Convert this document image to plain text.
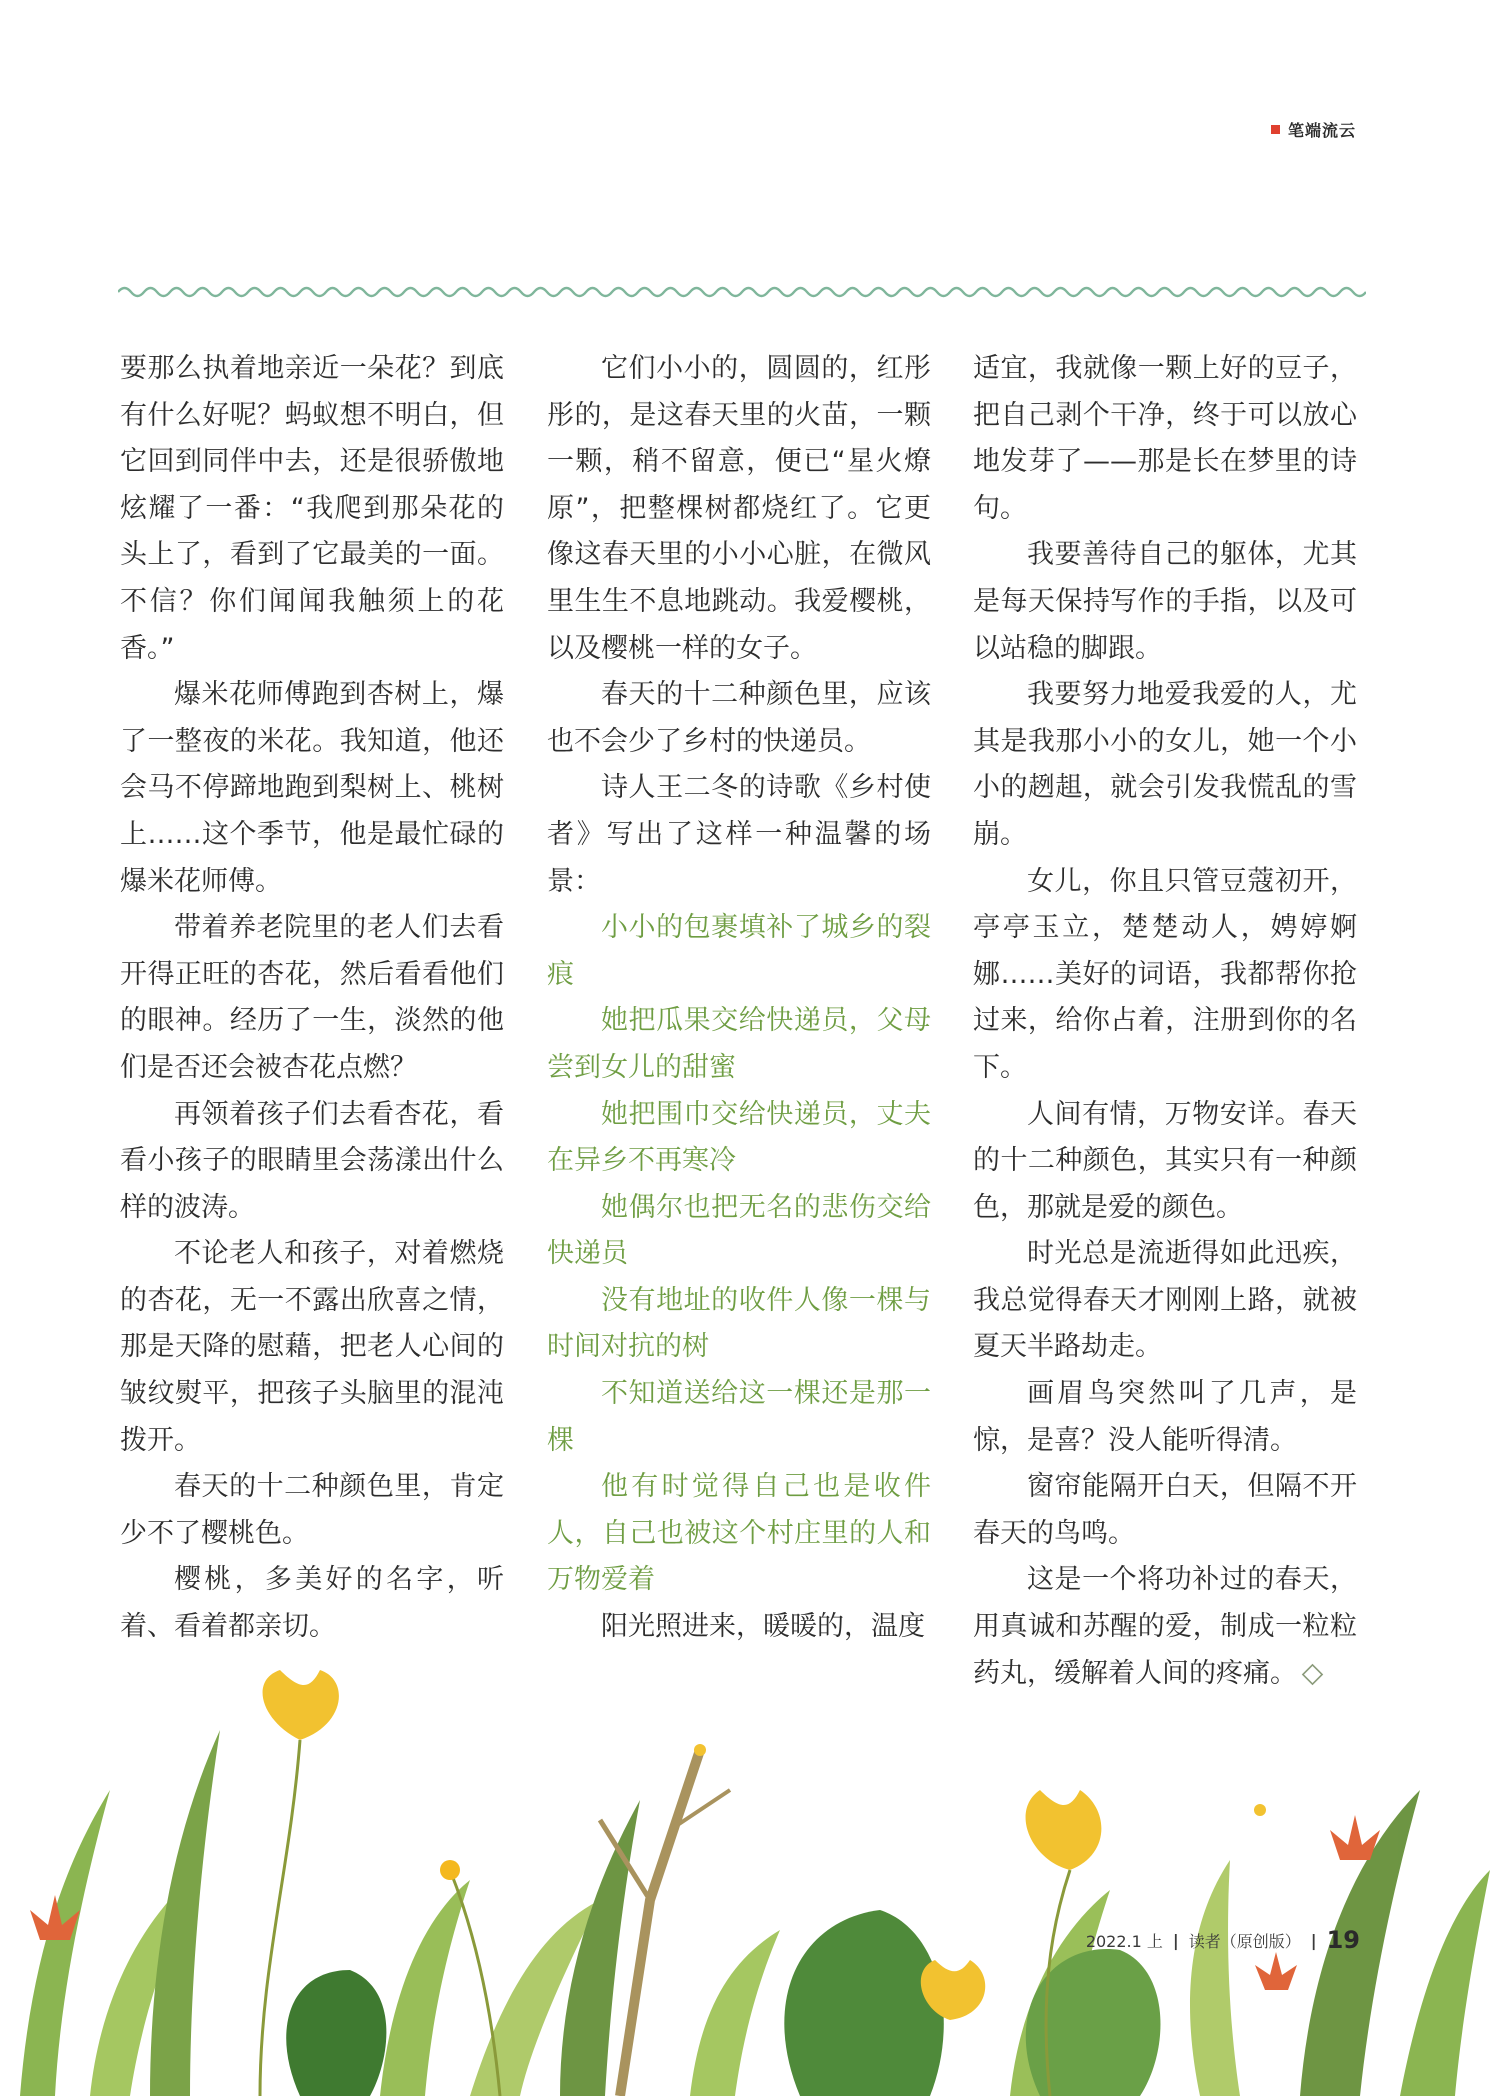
笔端流云

要那么执着地亲近一朵花？到底有什么好呢？蚂蚁想不明白，但它回到同伴中去，还是很骄傲地炫耀了一番：“我爬到那朵花的头上了，看到了它最美的一面。不信？你们闻闻我触须上的花香。”

爆米花师傅跑到杏树上，爆了一整夜的米花。我知道，他还会马不停蹄地跑到梨树上、桃树上……这个季节，他是最忙碌的爆米花师傅。

带着养老院里的老人们去看开得正旺的杏花，然后看看他们的眼神。经历了一生，淡然的他们是否还会被杏花点燃？

再领着孩子们去看杏花，看看小孩子的眼睛里会荡漾出什么样的波涛。

不论老人和孩子，对着燃烧的杏花，无一不露出欣喜之情，那是天降的慰藉，把老人心间的皱纹熨平，把孩子头脑里的混沌拨开。

春天的十二种颜色里，肯定少不了樱桃色。

樱桃，多美好的名字，听着、看着都亲切。

它们小小的，圆圆的，红彤彤的，是这春天里的火苗，一颗一颗，稍不留意，便已“星火燎原”，把整棵树都烧红了。它更像这春天里的小小心脏，在微风里生生不息地跳动。我爱樱桃，以及樱桃一样的女子。

春天的十二种颜色里，应该也不会少了乡村的快递员。

诗人王二冬的诗歌《乡村使者》写出了这样一种温馨的场景：

小小的包裹填补了城乡的裂痕

她把瓜果交给快递员，父母尝到女儿的甜蜜

她把围巾交给快递员，丈夫在异乡不再寒冷

她偶尔也把无名的悲伤交给快递员

没有地址的收件人像一棵与时间对抗的树

不知道送给这一棵还是那一棵

他有时觉得自己也是收件人，自己也被这个村庄里的人和万物爱着

阳光照进来，暖暖的，温度

适宜，我就像一颗上好的豆子，把自己剥个干净，终于可以放心地发芽了——那是长在梦里的诗句。

我要善待自己的躯体，尤其是每天保持写作的手指，以及可以站稳的脚跟。

我要努力地爱我爱的人，尤其是我那小小的女儿，她一个小小的趔趄，就会引发我慌乱的雪崩。

女儿，你且只管豆蔻初开，亭亭玉立，楚楚动人，娉婷婀娜……美好的词语，我都帮你抢过来，给你占着，注册到你的名下。

人间有情，万物安详。春天的十二种颜色，其实只有一种颜色，那就是爱的颜色。

时光总是流逝得如此迅疾，我总觉得春天才刚刚上路，就被夏天半路劫走。

画眉鸟突然叫了几声，是惊，是喜？没人能听得清。

窗帘能隔开白天，但隔不开春天的鸟鸣。

这是一个将功补过的春天，用真诚和苏醒的爱，制成一粒粒药丸，缓解着人间的疼痛。

2022.1 上 | 读者（原创版） | 19
